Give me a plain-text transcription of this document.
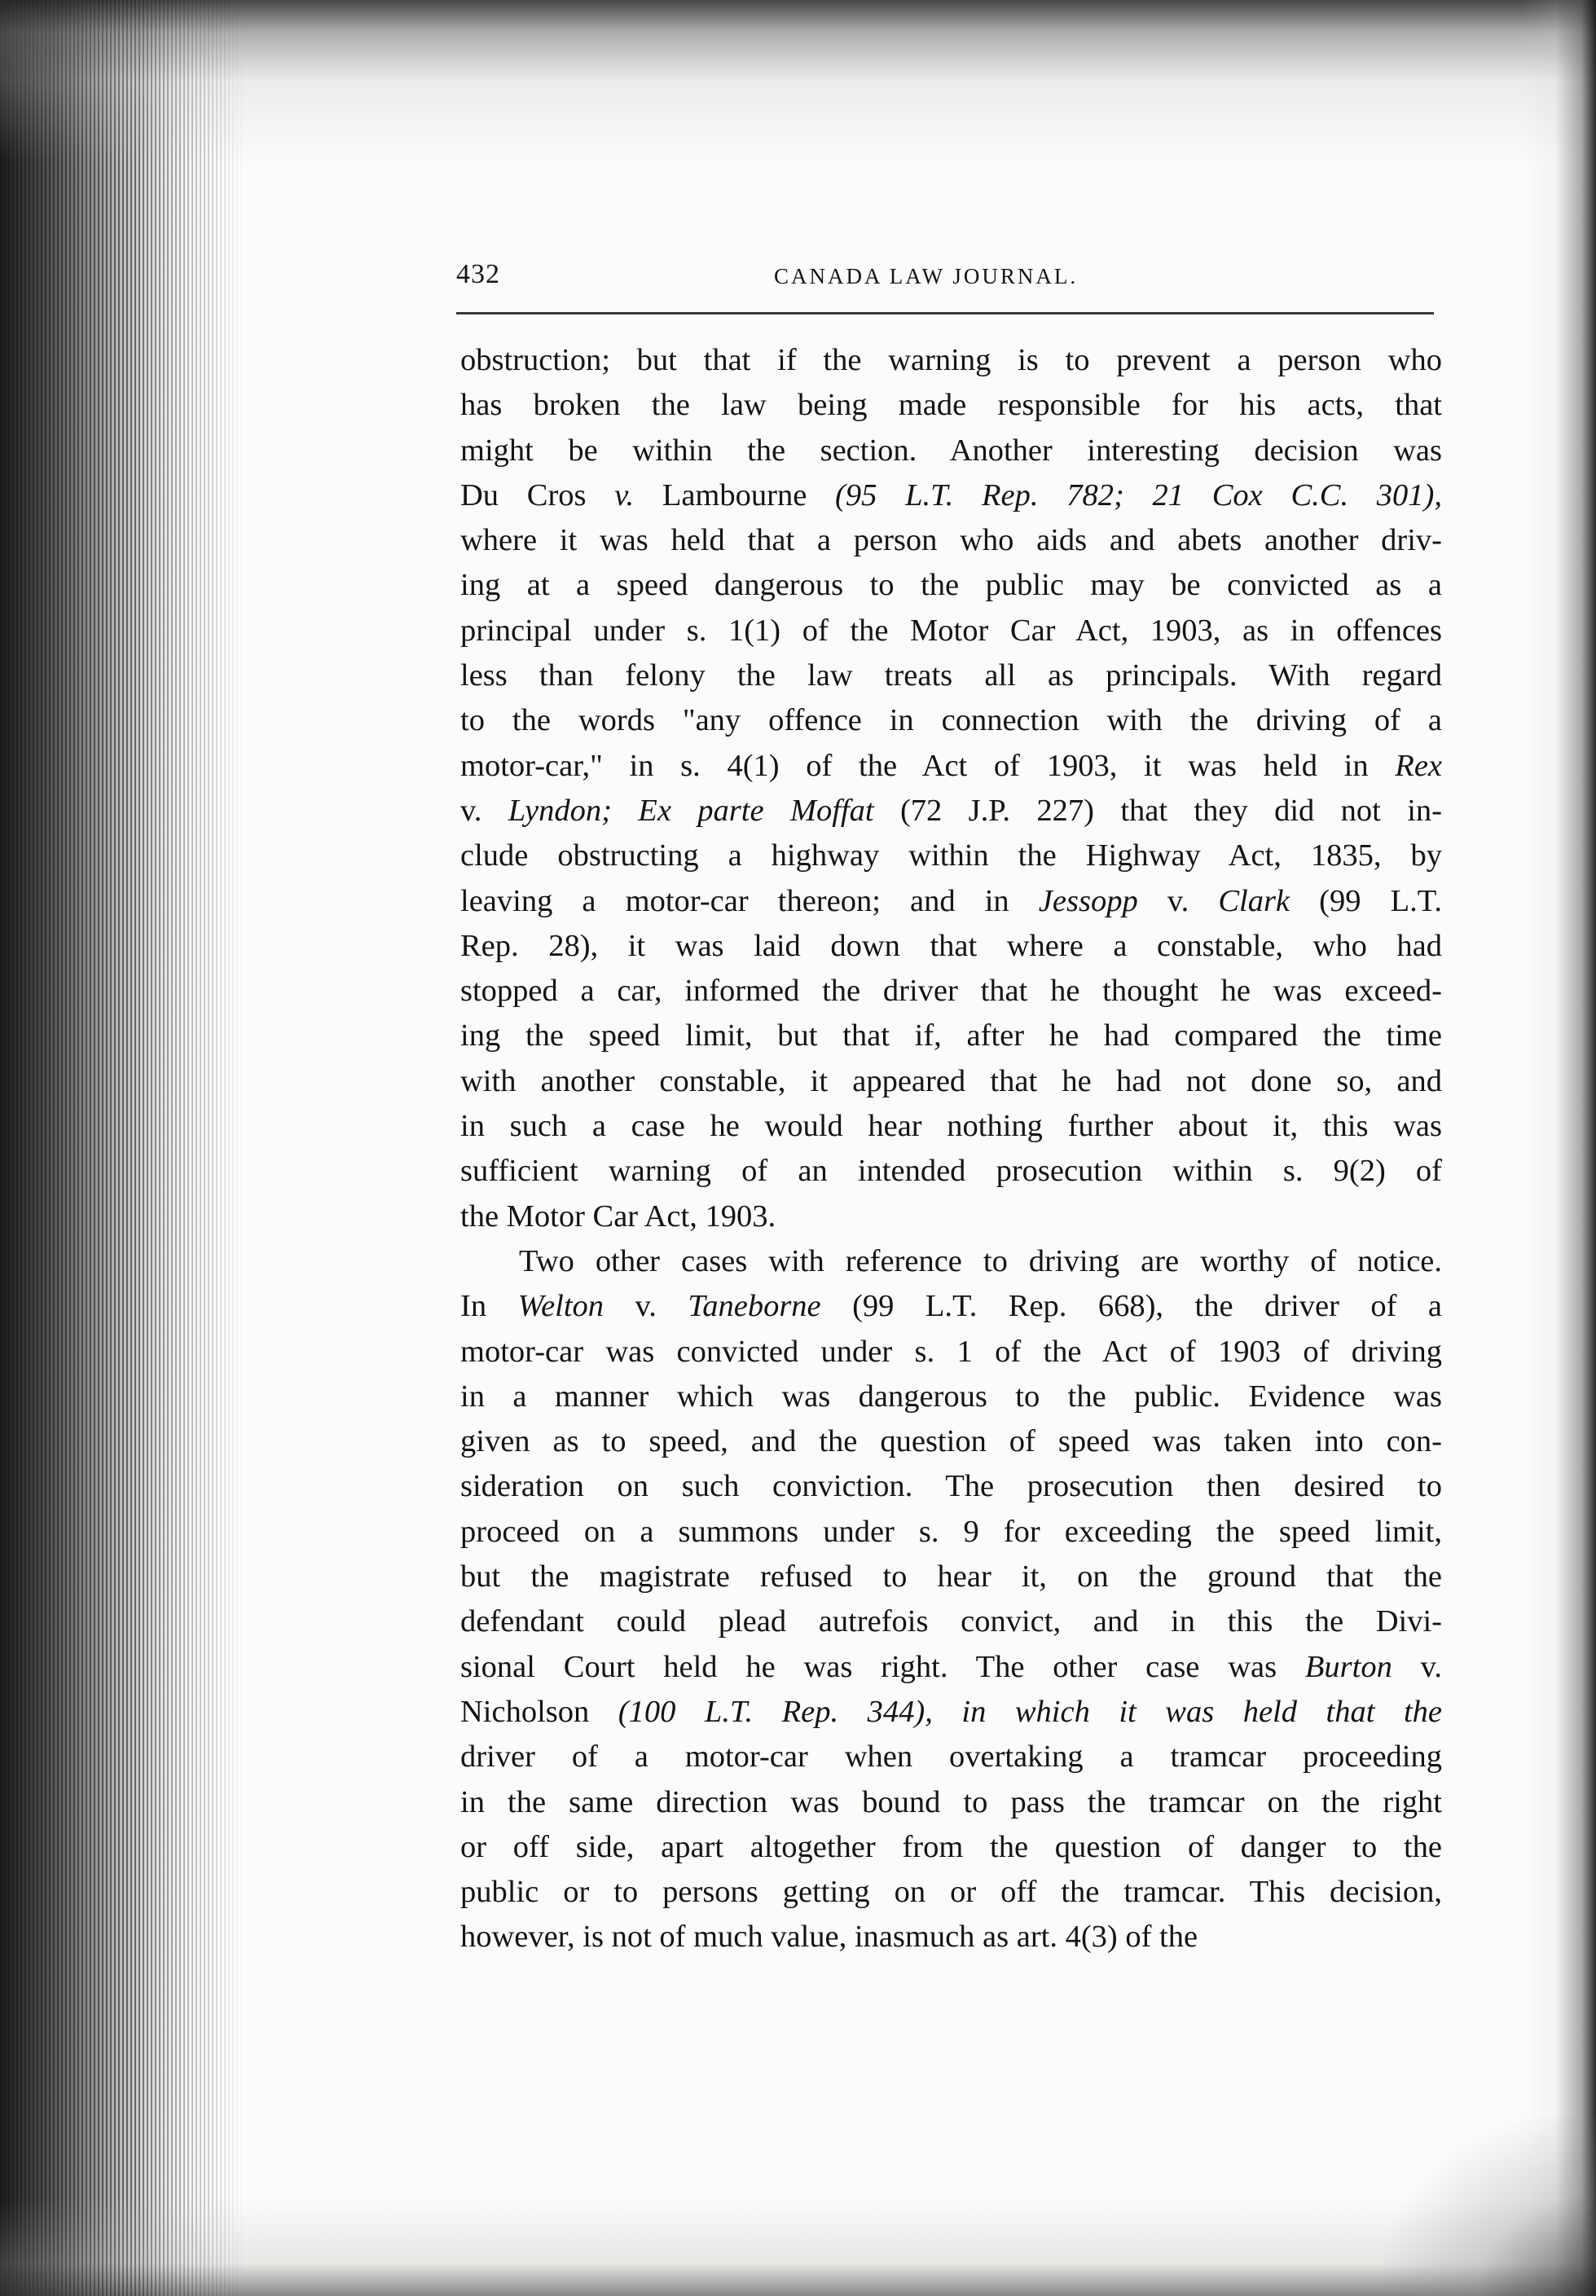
432	CANADA LAW JOURNAL.
obstruction; but that if the warning is to prevent a person who
has broken the law being made responsible for his acts, that
might be within the section. Another interesting decision was
Du Cros v. Lambourne (95 L.T. Rep. 782; 21 Cox C.C. 301),
where it was held that a person who aids and abets another driv-
ing at a speed dangerous to the public may be convicted as a
principal under s. 1(1) of the Motor Car Act, 1903, as in offences
less than felony the law treats all as principals. With regard
to the words "any offence in connection with the driving of a
motor-car," in s. 4(1) of the Act of 1903, it was held in Rex
v. Lyndon; Ex parte Moffat (72 J.P. 227) that they did not in-
clude obstructing a highway within the Highway Act, 1835, by
leaving a motor-car thereon; and in Jessopp v. Clark (99 L.T.
Rep. 28), it was laid down that where a constable, who had
stopped a car, informed the driver that he thought he was exceed-
ing the speed limit, but that if, after he had compared the time
with another constable, it appeared that he had not done so, and
in such a case he would hear nothing further about it, this was
sufficient warning of an intended prosecution within s. 9(2) of
the Motor Car Act, 1903.
Two other cases with reference to driving are worthy of notice.
In Welton v. Taneborne (99 L.T. Rep. 668), the driver of a
motor-car was convicted under s. 1 of the Act of 1903 of driving
in a manner which was dangerous to the public. Evidence was
given as to speed, and the question of speed was taken into con-
sideration on such conviction. The prosecution then desired to
proceed on a summons under s. 9 for exceeding the speed limit,
but the magistrate refused to hear it, on the ground that the
defendant could plead autrefois convict, and in this the Divi-
sional Court held he was right. The other case was Burton v.
Nicholson (100 L.T. Rep. 344), in which it was held that the
driver of a motor-car when overtaking a tramcar proceeding
in the same direction was bound to pass the tramcar on the right
or off side, apart altogether from the question of danger to the
public or to persons getting on or off the tramcar. This decision,
however, is not of much value, inasmuch as art. 4(3) of the
